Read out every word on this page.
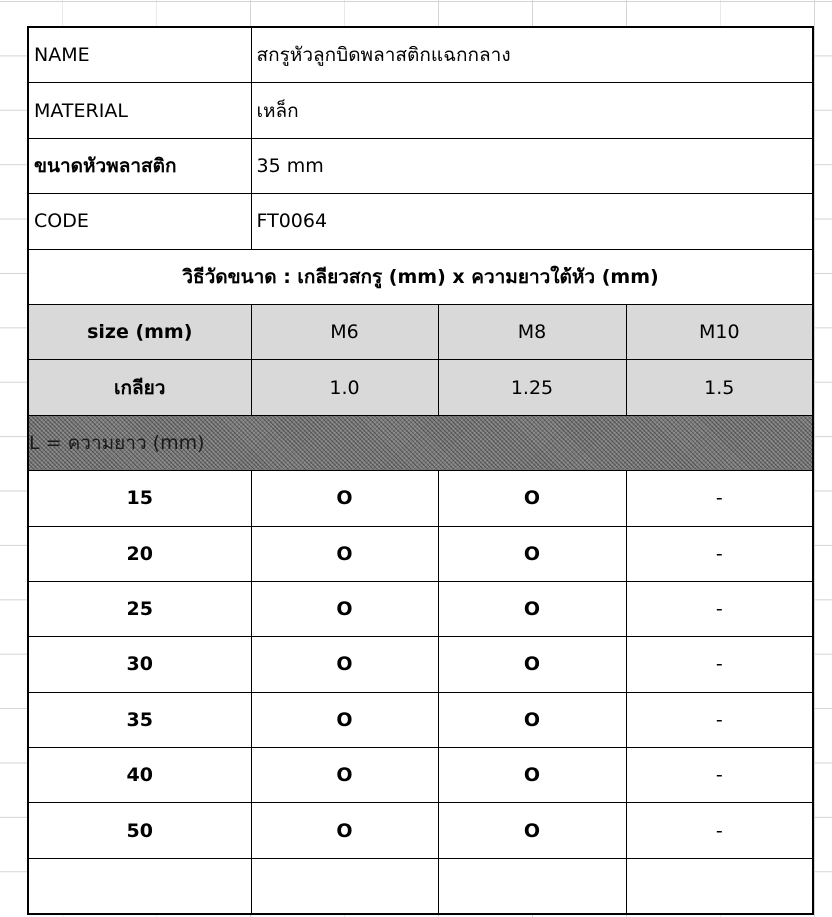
NAME	สกรูหัวลูกบิดพลาสติกแฉกกลาง		
MATERIAL	เหล็ก		
ขนาดหัวพลาสติก	35 mm		
CODE	FT0064		
วิธีวัดขนาด : เกลียวสกรู (mm) x ความยาวใต้หัว (mm)			
size (mm)	M6	M8	M10
เกลียว	1.0	1.25	1.5
L = ความยาว (mm)			
15	O	O	-
20	O	O	-
25	O	O	-
30	O	O	-
35	O	O	-
40	O	O	-
50	O	O	-
